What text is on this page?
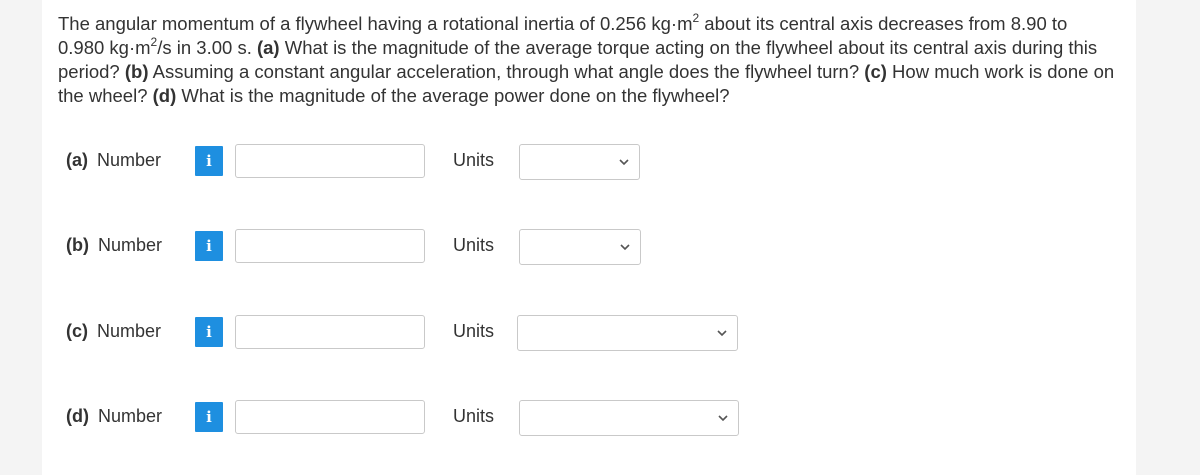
The angular momentum of a flywheel having a rotational inertia of 0.256 $kg\cdot m^2$ about its central axis decreases from 8.90 to 0.980 $kg\cdot m^2/s$ in 3.00 s. (a) What is the magnitude of the average torque acting on the flywheel about its central axis during this period? (b) Assuming a constant angular acceleration, through what angle does the flywheel turn? (c) How much work is done on the wheel? (d) What is the magnitude of the average power done on the flywheel?
(a) Number	i	Units
(b) Number	i	Units
(c) Number	i	Units
(d) Number	i	Units
